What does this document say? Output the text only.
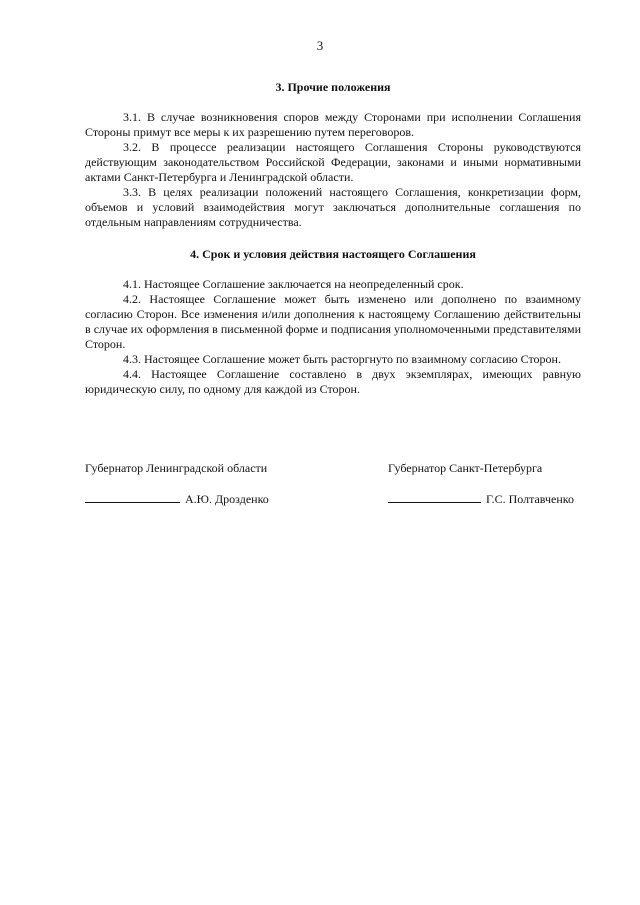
3

3. Прочие положения

3.1. В случае возникновения споров между Сторонами при исполнении Соглашения Стороны примут все меры к их разрешению путем переговоров.

3.2. В процессе реализации настоящего Соглашения Стороны руководствуются действующим законодательством Российской Федерации, законами и иными нормативными актами Санкт-Петербурга и Ленинградской области.

3.3. В целях реализации положений настоящего Соглашения, конкретизации форм, объемов и условий взаимодействия могут заключаться дополнительные соглашения по отдельным направлениям сотрудничества.

4. Срок и условия действия настоящего Соглашения

4.1. Настоящее Соглашение заключается на неопределенный срок.

4.2. Настоящее Соглашение может быть изменено или дополнено по взаимному согласию Сторон. Все изменения и/или дополнения к настоящему Соглашению действительны в случае их оформления в письменной форме и подписания уполномоченными представителями Сторон.

4.3. Настоящее Соглашение может быть расторгнуто по взаимному согласию Сторон.

4.4. Настоящее Соглашение составлено в двух экземплярах, имеющих равную юридическую силу, по одному для каждой из Сторон.

Губернатор Ленинградской области
А.Ю. Дрозденко
Губернатор Санкт-Петербурга
Г.С. Полтавченко
